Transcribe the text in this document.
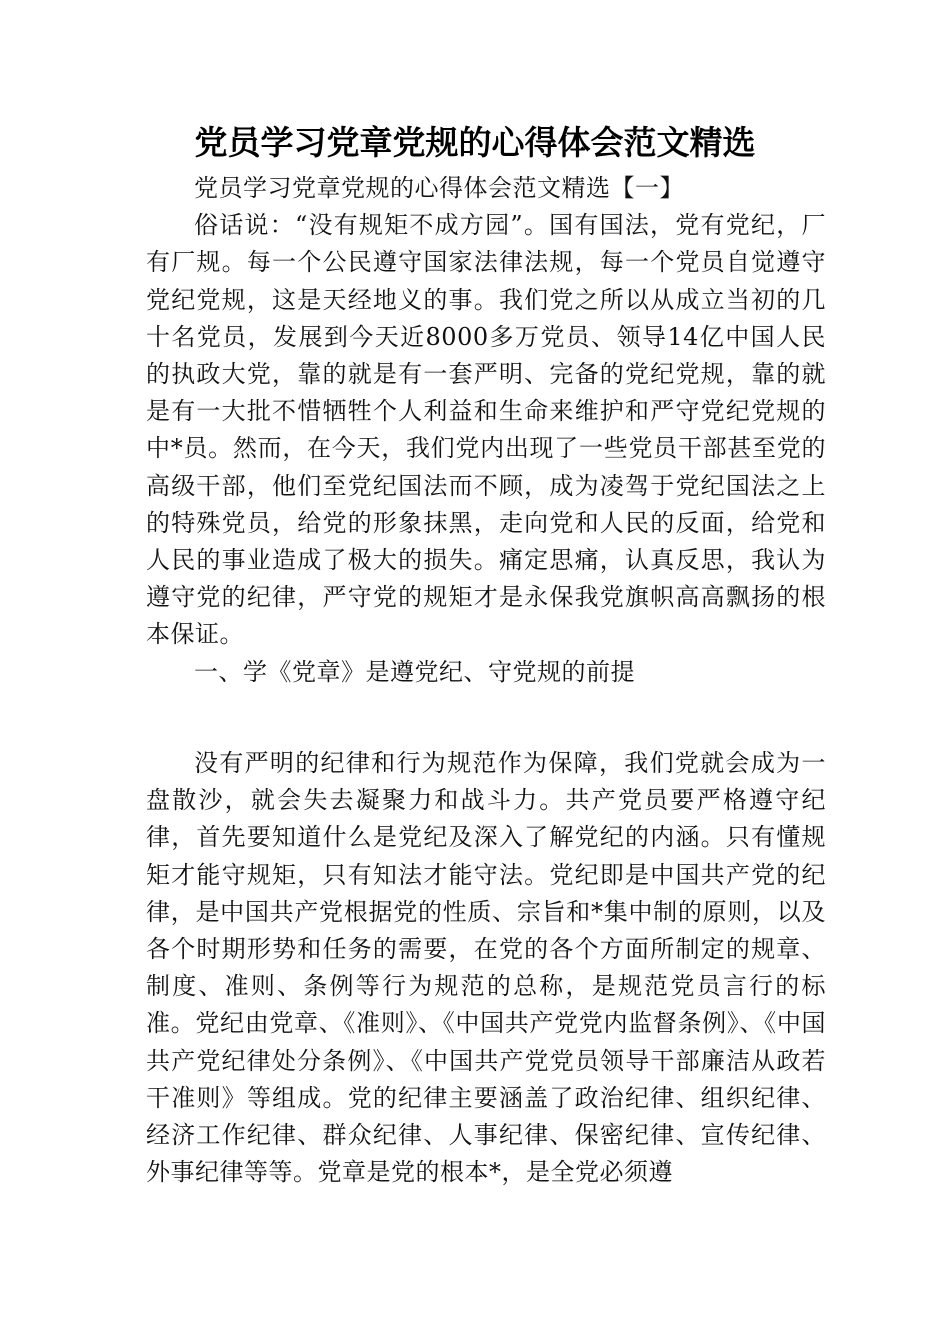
党员学习党章党规的心得体会范文精选

党员学习党章党规的心得体会范文精选【一】

俗话说：“没有规矩不成方园”。国有国法，党有党纪，厂有厂规。每一个公民遵守国家法律法规，每一个党员自觉遵守党纪党规，这是天经地义的事。我们党之所以从成立当初的几十名党员，发展到今天近8000多万党员、领导14亿中国人民的执政大党，靠的就是有一套严明、完备的党纪党规，靠的就是有一大批不惜牺牲个人利益和生命来维护和严守党纪党规的中*员。然而，在今天，我们党内出现了一些党员干部甚至党的高级干部，他们至党纪国法而不顾，成为凌驾于党纪国法之上的特殊党员，给党的形象抹黑，走向党和人民的反面，给党和人民的事业造成了极大的损失。痛定思痛，认真反思，我认为遵守党的纪律，严守党的规矩才是永保我党旗帜高高飘扬的根本保证。

一、学《党章》是遵党纪、守党规的前提

没有严明的纪律和行为规范作为保障，我们党就会成为一盘散沙，就会失去凝聚力和战斗力。共产党员要严格遵守纪律，首先要知道什么是党纪及深入了解党纪的内涵。只有懂规矩才能守规矩，只有知法才能守法。党纪即是中国共产党的纪律，是中国共产党根据党的性质、宗旨和*集中制的原则，以及各个时期形势和任务的需要，在党的各个方面所制定的规章、制度、准则、条例等行为规范的总称，是规范党员言行的标准。党纪由党章、《准则》、《中国共产党党内监督条例》、《中国共产党纪律处分条例》、《中国共产党党员领导干部廉洁从政若干准则》等组成。党的纪律主要涵盖了政治纪律、组织纪律、经济工作纪律、群众纪律、人事纪律、保密纪律、宣传纪律、外事纪律等等。党章是党的根本*，是全党必须遵
